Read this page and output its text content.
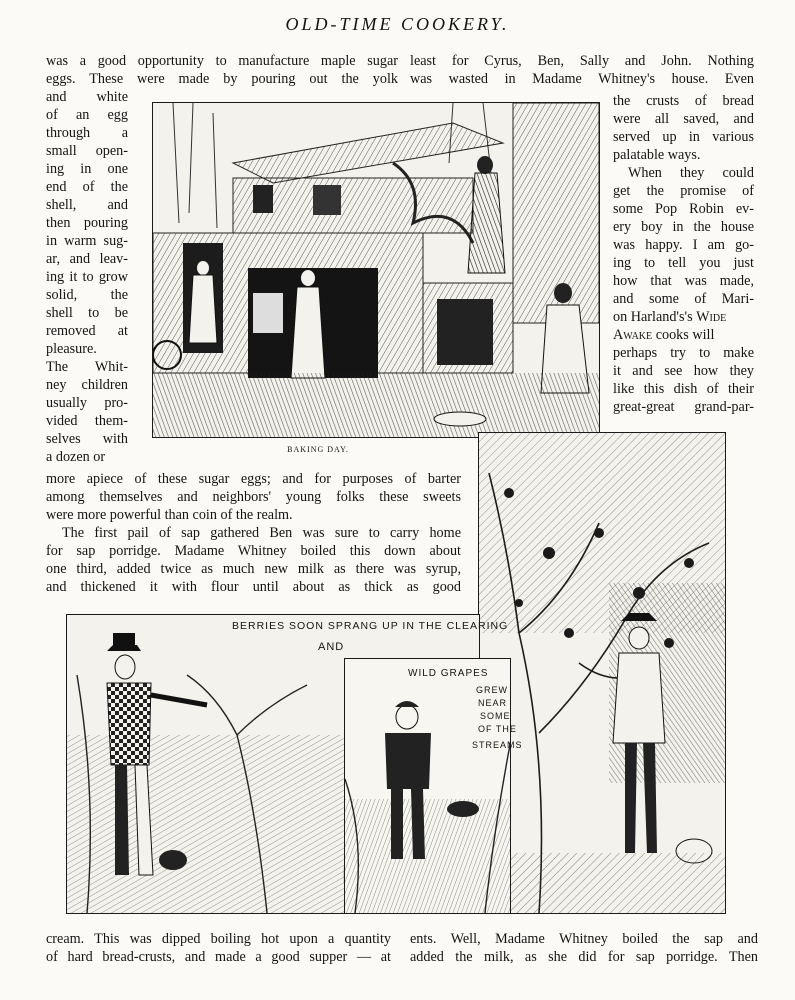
OLD-TIME COOKERY.
was a good opportunity to manufacture maple sugar
eggs. These were made by pouring out the yolk
and white
of an egg
through a
small open-
ing in one
end of the
shell, and
then pouring
in warm sug-
ar, and leav-
ing it to grow
solid, the
shell to be
removed at
pleasure.
The Whit-
ney children
usually pro-
vided them-
selves with
a dozen or
more apiece of these sugar eggs; and for purposes of barter
among themselves and neighbors' young folks these sweets
were more powerful than coin of the realm.
The first pail of sap gathered Ben was sure to carry home
for sap porridge. Madame Whitney boiled this down about
one third, added twice as much new milk as there was syrup,
and thickened it with flour until about as thick as good
least for Cyrus, Ben, Sally and John. Nothing
was wasted in Madame Whitney's house. Even
the crusts of bread
were all saved, and
served up in various
palatable ways.
When they could
get the promise of
some Pop Robin ev-
ery boy in the house
was happy. I am go-
ing to tell you just
how that was made,
and some of Mari-
on Harland's's Wide
Awake cooks will
perhaps try to make
it and see how they
like this dish of their
great-great grand-par-
cream. This was dipped boiling hot upon a quantity
of hard bread-crusts, and made a good supper — at
ents. Well, Madame Whitney boiled the sap and
added the milk, as she did for sap porridge. Then
BAKING DAY.
BERRIES SOON SPRANG UP IN THE CLEARING
AND
WILD GRAPES
GREW
NEAR
SOME
OF THE
STREAMS
